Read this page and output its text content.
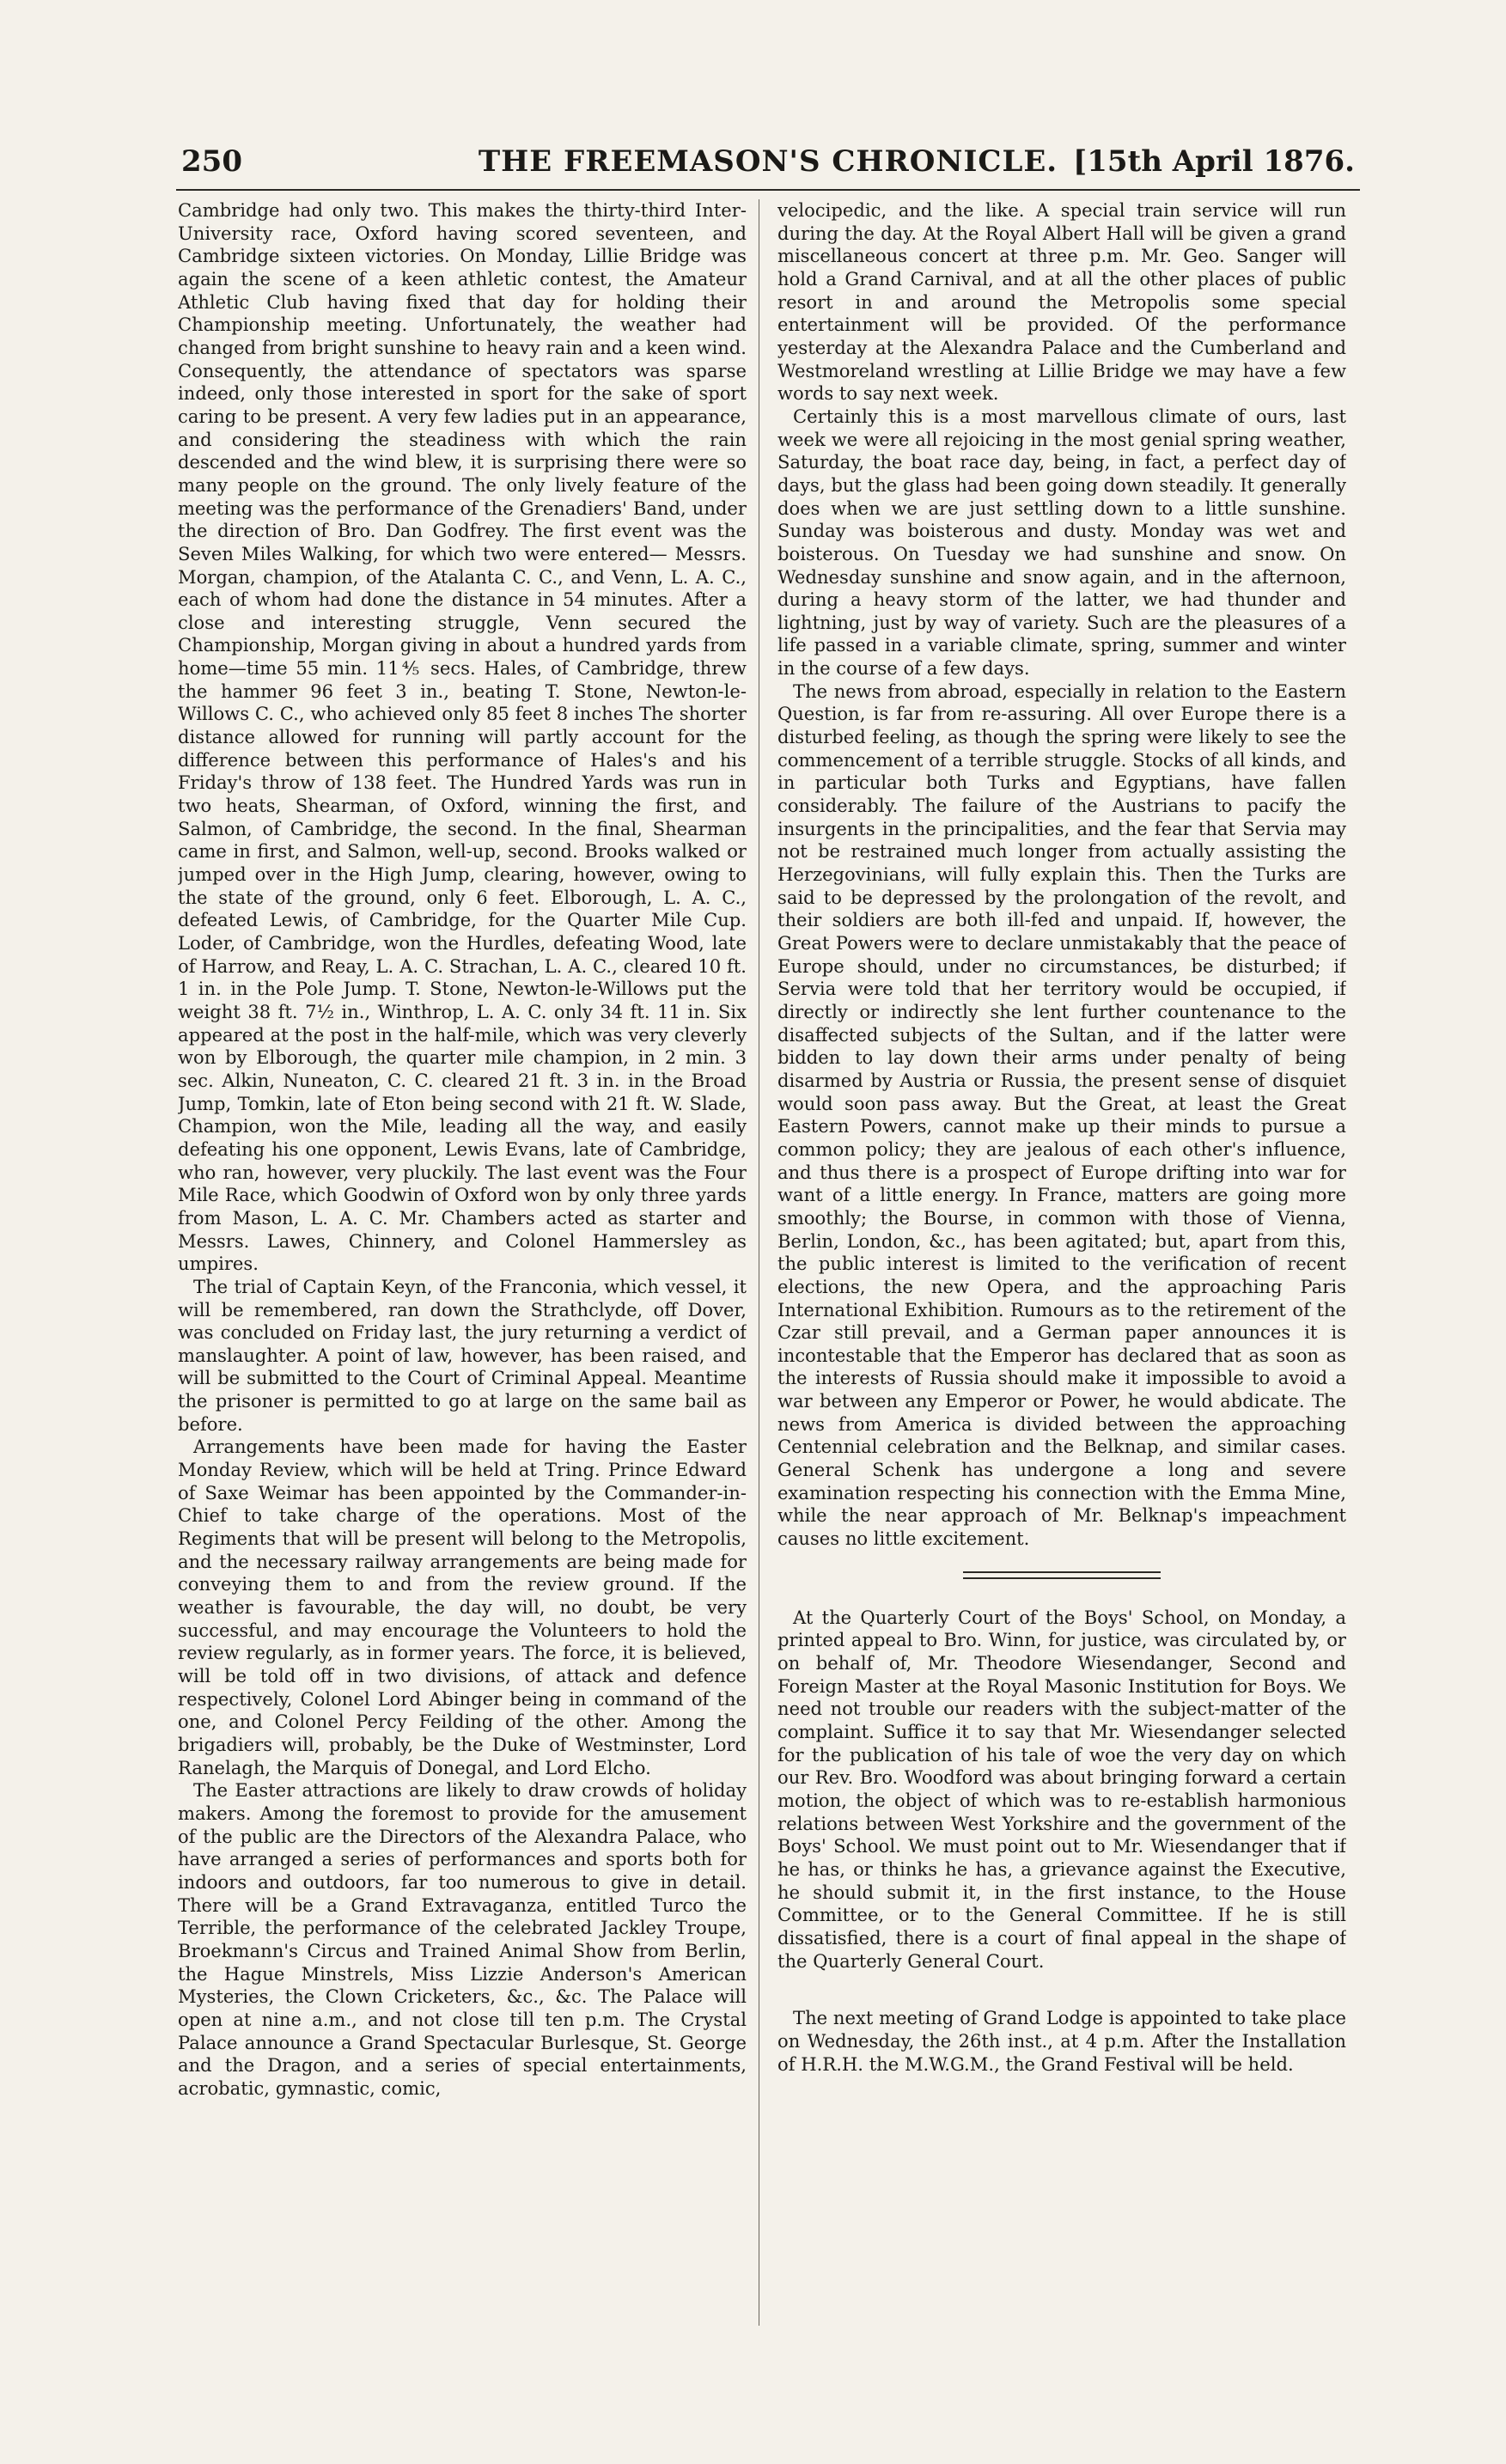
250	THE FREEMASON'S CHRONICLE. [15th April 1876.

Cambridge had only two. This makes the thirty-third Inter-University race, Oxford having scored seventeen, and Cambridge sixteen victories. On Monday, Lillie Bridge was again the scene of a keen athletic contest, the Amateur Athletic Club having fixed that day for holding their Championship meeting. Unfortunately, the weather had changed from bright sunshine to heavy rain and a keen wind. Consequently, the attendance of spectators was sparse indeed, only those interested in sport for the sake of sport caring to be present. A very few ladies put in an appearance, and considering the steadiness with which the rain descended and the wind blew, it is surprising there were so many people on the ground. The only lively feature of the meeting was the performance of the Grenadiers' Band, under the direction of Bro. Dan Godfrey. The first event was the Seven Miles Walking, for which two were entered— Messrs. Morgan, champion, of the Atalanta C. C., and Venn, L. A. C., each of whom had done the distance in 54 minutes. After a close and interesting struggle, Venn secured the Championship, Morgan giving in about a hundred yards from home—time 55 min. 11⅘ secs. Hales, of Cambridge, threw the hammer 96 feet 3 in., beating T. Stone, Newton-le-Willows C. C., who achieved only 85 feet 8 inches The shorter distance allowed for running will partly account for the difference between this performance of Hales's and his Friday's throw of 138 feet. The Hundred Yards was run in two heats, Shearman, of Oxford, winning the first, and Salmon, of Cambridge, the second. In the final, Shearman came in first, and Salmon, well-up, second. Brooks walked or jumped over in the High Jump, clearing, however, owing to the state of the ground, only 6 feet. Elborough, L. A. C., defeated Lewis, of Cambridge, for the Quarter Mile Cup. Loder, of Cambridge, won the Hurdles, defeating Wood, late of Harrow, and Reay, L. A. C. Strachan, L. A. C., cleared 10 ft. 1 in. in the Pole Jump. T. Stone, Newton-le-Willows put the weight 38 ft. 7½ in., Winthrop, L. A. C. only 34 ft. 11 in. Six appeared at the post in the half-mile, which was very cleverly won by Elborough, the quarter mile champion, in 2 min. 3 sec. Alkin, Nuneaton, C. C. cleared 21 ft. 3 in. in the Broad Jump, Tomkin, late of Eton being second with 21 ft. W. Slade, Champion, won the Mile, leading all the way, and easily defeating his one opponent, Lewis Evans, late of Cambridge, who ran, however, very pluckily. The last event was the Four Mile Race, which Goodwin of Oxford won by only three yards from Mason, L. A. C. Mr. Chambers acted as starter and Messrs. Lawes, Chinnery, and Colonel Hammersley as umpires.

The trial of Captain Keyn, of the Franconia, which vessel, it will be remembered, ran down the Strathclyde, off Dover, was concluded on Friday last, the jury returning a verdict of manslaughter. A point of law, however, has been raised, and will be submitted to the Court of Criminal Appeal. Meantime the prisoner is permitted to go at large on the same bail as before.

Arrangements have been made for having the Easter Monday Review, which will be held at Tring. Prince Edward of Saxe Weimar has been appointed by the Commander-in-Chief to take charge of the operations. Most of the Regiments that will be present will belong to the Metropolis, and the necessary railway arrangements are being made for conveying them to and from the review ground. If the weather is favourable, the day will, no doubt, be very successful, and may encourage the Volunteers to hold the review regularly, as in former years. The force, it is believed, will be told off in two divisions, of attack and defence respectively, Colonel Lord Abinger being in command of the one, and Colonel Percy Feilding of the other. Among the brigadiers will, probably, be the Duke of Westminster, Lord Ranelagh, the Marquis of Donegal, and Lord Elcho.

The Easter attractions are likely to draw crowds of holiday makers. Among the foremost to provide for the amusement of the public are the Directors of the Alexandra Palace, who have arranged a series of performances and sports both for indoors and outdoors, far too numerous to give in detail. There will be a Grand Extravaganza, entitled Turco the Terrible, the performance of the celebrated Jackley Troupe, Broekmann's Circus and Trained Animal Show from Berlin, the Hague Minstrels, Miss Lizzie Anderson's American Mysteries, the Clown Cricketers, &c., &c. The Palace will open at nine a.m., and not close till ten p.m. The Crystal Palace announce a Grand Spectacular Burlesque, St. George and the Dragon, and a series of special entertainments, acrobatic, gymnastic, comic,

velocipedic, and the like. A special train service will run during the day. At the Royal Albert Hall will be given a grand miscellaneous concert at three p.m. Mr. Geo. Sanger will hold a Grand Carnival, and at all the other places of public resort in and around the Metropolis some special entertainment will be provided. Of the performance yesterday at the Alexandra Palace and the Cumberland and Westmoreland wrestling at Lillie Bridge we may have a few words to say next week.

Certainly this is a most marvellous climate of ours, last week we were all rejoicing in the most genial spring weather, Saturday, the boat race day, being, in fact, a perfect day of days, but the glass had been going down steadily. It generally does when we are just settling down to a little sunshine. Sunday was boisterous and dusty. Monday was wet and boisterous. On Tuesday we had sunshine and snow. On Wednesday sunshine and snow again, and in the afternoon, during a heavy storm of the latter, we had thunder and lightning, just by way of variety. Such are the pleasures of a life passed in a variable climate, spring, summer and winter in the course of a few days.

The news from abroad, especially in relation to the Eastern Question, is far from re-assuring. All over Europe there is a disturbed feeling, as though the spring were likely to see the commencement of a terrible struggle. Stocks of all kinds, and in particular both Turks and Egyptians, have fallen considerably. The failure of the Austrians to pacify the insurgents in the principalities, and the fear that Servia may not be restrained much longer from actually assisting the Herzegovinians, will fully explain this. Then the Turks are said to be depressed by the prolongation of the revolt, and their soldiers are both ill-fed and unpaid. If, however, the Great Powers were to declare unmistakably that the peace of Europe should, under no circumstances, be disturbed; if Servia were told that her territory would be occupied, if directly or indirectly she lent further countenance to the disaffected subjects of the Sultan, and if the latter were bidden to lay down their arms under penalty of being disarmed by Austria or Russia, the present sense of disquiet would soon pass away. But the Great, at least the Great Eastern Powers, cannot make up their minds to pursue a common policy; they are jealous of each other's influence, and thus there is a prospect of Europe drifting into war for want of a little energy. In France, matters are going more smoothly; the Bourse, in common with those of Vienna, Berlin, London, &c., has been agitated; but, apart from this, the public interest is limited to the verification of recent elections, the new Opera, and the approaching Paris International Exhibition. Rumours as to the retirement of the Czar still prevail, and a German paper announces it is incontestable that the Emperor has declared that as soon as the interests of Russia should make it impossible to avoid a war between any Emperor or Power, he would abdicate. The news from America is divided between the approaching Centennial celebration and the Belknap, and similar cases. General Schenk has undergone a long and severe examination respecting his connection with the Emma Mine, while the near approach of Mr. Belknap's impeachment causes no little excitement.

At the Quarterly Court of the Boys' School, on Monday, a printed appeal to Bro. Winn, for justice, was circulated by, or on behalf of, Mr. Theodore Wiesendanger, Second and Foreign Master at the Royal Masonic Institution for Boys. We need not trouble our readers with the subject-matter of the complaint. Suffice it to say that Mr. Wiesendanger selected for the publication of his tale of woe the very day on which our Rev. Bro. Woodford was about bringing forward a certain motion, the object of which was to re-establish harmonious relations between West Yorkshire and the government of the Boys' School. We must point out to Mr. Wiesendanger that if he has, or thinks he has, a grievance against the Executive, he should submit it, in the first instance, to the House Committee, or to the General Committee. If he is still dissatisfied, there is a court of final appeal in the shape of the Quarterly General Court.

The next meeting of Grand Lodge is appointed to take place on Wednesday, the 26th inst., at 4 p.m. After the Installation of H.R.H. the M.W.G.M., the Grand Festival will be held.
